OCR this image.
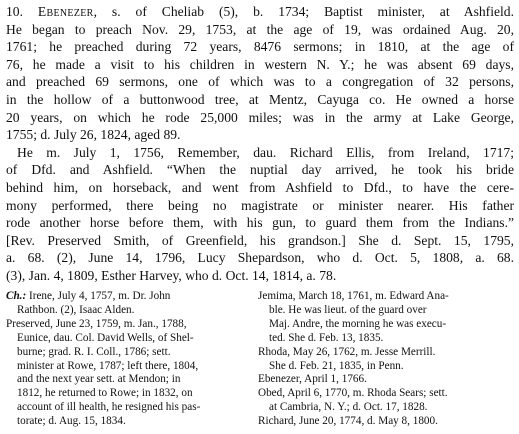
10. Ebenezer, s. of Cheliab (5), b. 1734; Baptist minister, at Ashfield.
He began to preach Nov. 29, 1753, at the age of 19, was ordained Aug. 20,
1761; he preached during 72 years, 8476 sermons; in 1810, at the age of
76, he made a visit to his children in western N. Y.; he was absent 69 days,
and preached 69 sermons, one of which was to a congregation of 32 persons,
in the hollow of a buttonwood tree, at Mentz, Cayuga co. He owned a horse
20 years, on which he rode 25,000 miles; was in the army at Lake George,
1755; d. July 26, 1824, aged 89.
He m. July 1, 1756, Remember, dau. Richard Ellis, from Ireland, 1717;
of Dfd. and Ashfield. “When the nuptial day arrived, he took his bride
behind him, on horseback, and went from Ashfield to Dfd., to have the cere-
mony performed, there being no magistrate or minister nearer. His father
rode another horse before them, with his gun, to guard them from the Indians.”
[Rev. Preserved Smith, of Greenfield, his grandson.] She d. Sept. 15, 1795,
a. 68. (2), June 14, 1796, Lucy Shepardson, who d. Oct. 5, 1808, a. 68.
(3), Jan. 4, 1809, Esther Harvey, who d. Oct. 14, 1814, a. 78.
Ch.: Irene, July 4, 1757, m. Dr. John
Rathbon. (2), Isaac Alden.
Preserved, June 23, 1759, m. Jan., 1788,
Eunice, dau. Col. David Wells, of Shel-
burne; grad. R. I. Coll., 1786; sett.
minister at Rowe, 1787; left there, 1804,
and the next year sett. at Mendon; in
1812, he returned to Rowe; in 1832, on
account of ill health, he resigned his pas-
torate; d. Aug. 15, 1834.
Jemima, March 18, 1761, m. Edward Ana-
ble. He was lieut. of the guard over
Maj. Andre, the morning he was execu-
ted. She d. Feb. 13, 1835.
Rhoda, May 26, 1762, m. Jesse Merrill.
She d. Feb. 21, 1835, in Penn.
Ebenezer, April 1, 1766.
Obed, April 6, 1770, m. Rhoda Sears; sett.
at Cambria, N. Y.; d. Oct. 17, 1828.
Richard, June 20, 1774, d. May 8, 1800.
